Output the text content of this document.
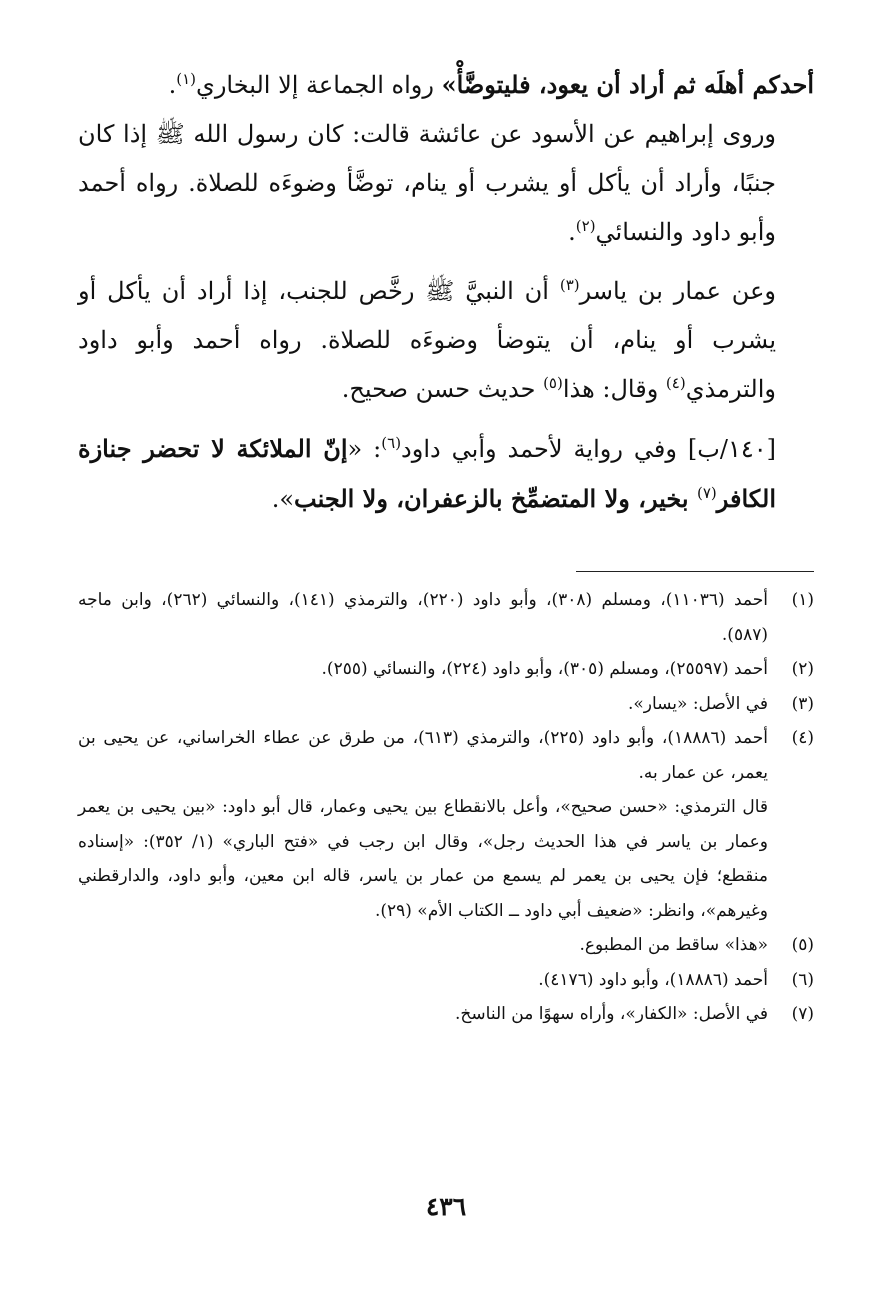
أحدكم أهلَه ثم أراد أن يعود، فليتوضَّأْ» رواه الجماعة إلا البخاري$^{(١)}$.

وروى إبراهيم عن الأسود عن عائشة قالت: كان رسول الله ﷺ إذا كان جنبًا، وأراد أن يأكل أو يشرب أو ينام، توضَّأ وضوءَه للصلاة. رواه أحمد وأبو داود والنسائي$^{(٢)}$.

وعن عمار بن ياسر$^{(٣)}$ أن النبيَّ ﷺ رخَّص للجنب، إذا أراد أن يأكل أو يشرب أو ينام، أن يتوضأ وضوءَه للصلاة. رواه أحمد وأبو داود والترمذي$^{(٤)}$ وقال: هذا$^{(٥)}$ حديث حسن صحيح.

[١٤٠/ب] وفي رواية لأحمد وأبي داود$^{(٦)}$: «إنّ الملائكة لا تحضر جنازة الكافر$^{(٧)}$ بخير، ولا المتضمِّخ بالزعفران، ولا الجنب».

(١)
أحمد (١١٠٣٦)، ومسلم (٣٠٨)، وأبو داود (٢٢٠)، والترمذي (١٤١)، والنسائي (٢٦٢)، وابن ماجه (٥٨٧).
(٢)
أحمد (٢٥٥٩٧)، ومسلم (٣٠٥)، وأبو داود (٢٢٤)، والنسائي (٢٥٥).
(٣)
في الأصل: «يسار».
(٤)
أحمد (١٨٨٨٦)، وأبو داود (٢٢٥)، والترمذي (٦١٣)، من طرق عن عطاء الخراساني، عن يحيى بن يعمر، عن عمار به.
قال الترمذي: «حسن صحيح»، وأعل بالانقطاع بين يحيى وعمار، قال أبو داود: «بين يحيى بن يعمر وعمار بن ياسر في هذا الحديث رجل»، وقال ابن رجب في «فتح الباري» (١/ ٣٥٢): «إسناده منقطع؛ فإن يحيى بن يعمر لم يسمع من عمار بن ياسر، قاله ابن معين، وأبو داود، والدارقطني وغيرهم»، وانظر: «ضعيف أبي داود ــ الكتاب الأم» (٢٩).
(٥)
«هذا» ساقط من المطبوع.
(٦)
أحمد (١٨٨٨٦)، وأبو داود (٤١٧٦).
(٧)
في الأصل: «الكفار»، وأراه سهوًا من الناسخ.
٤٣٦
